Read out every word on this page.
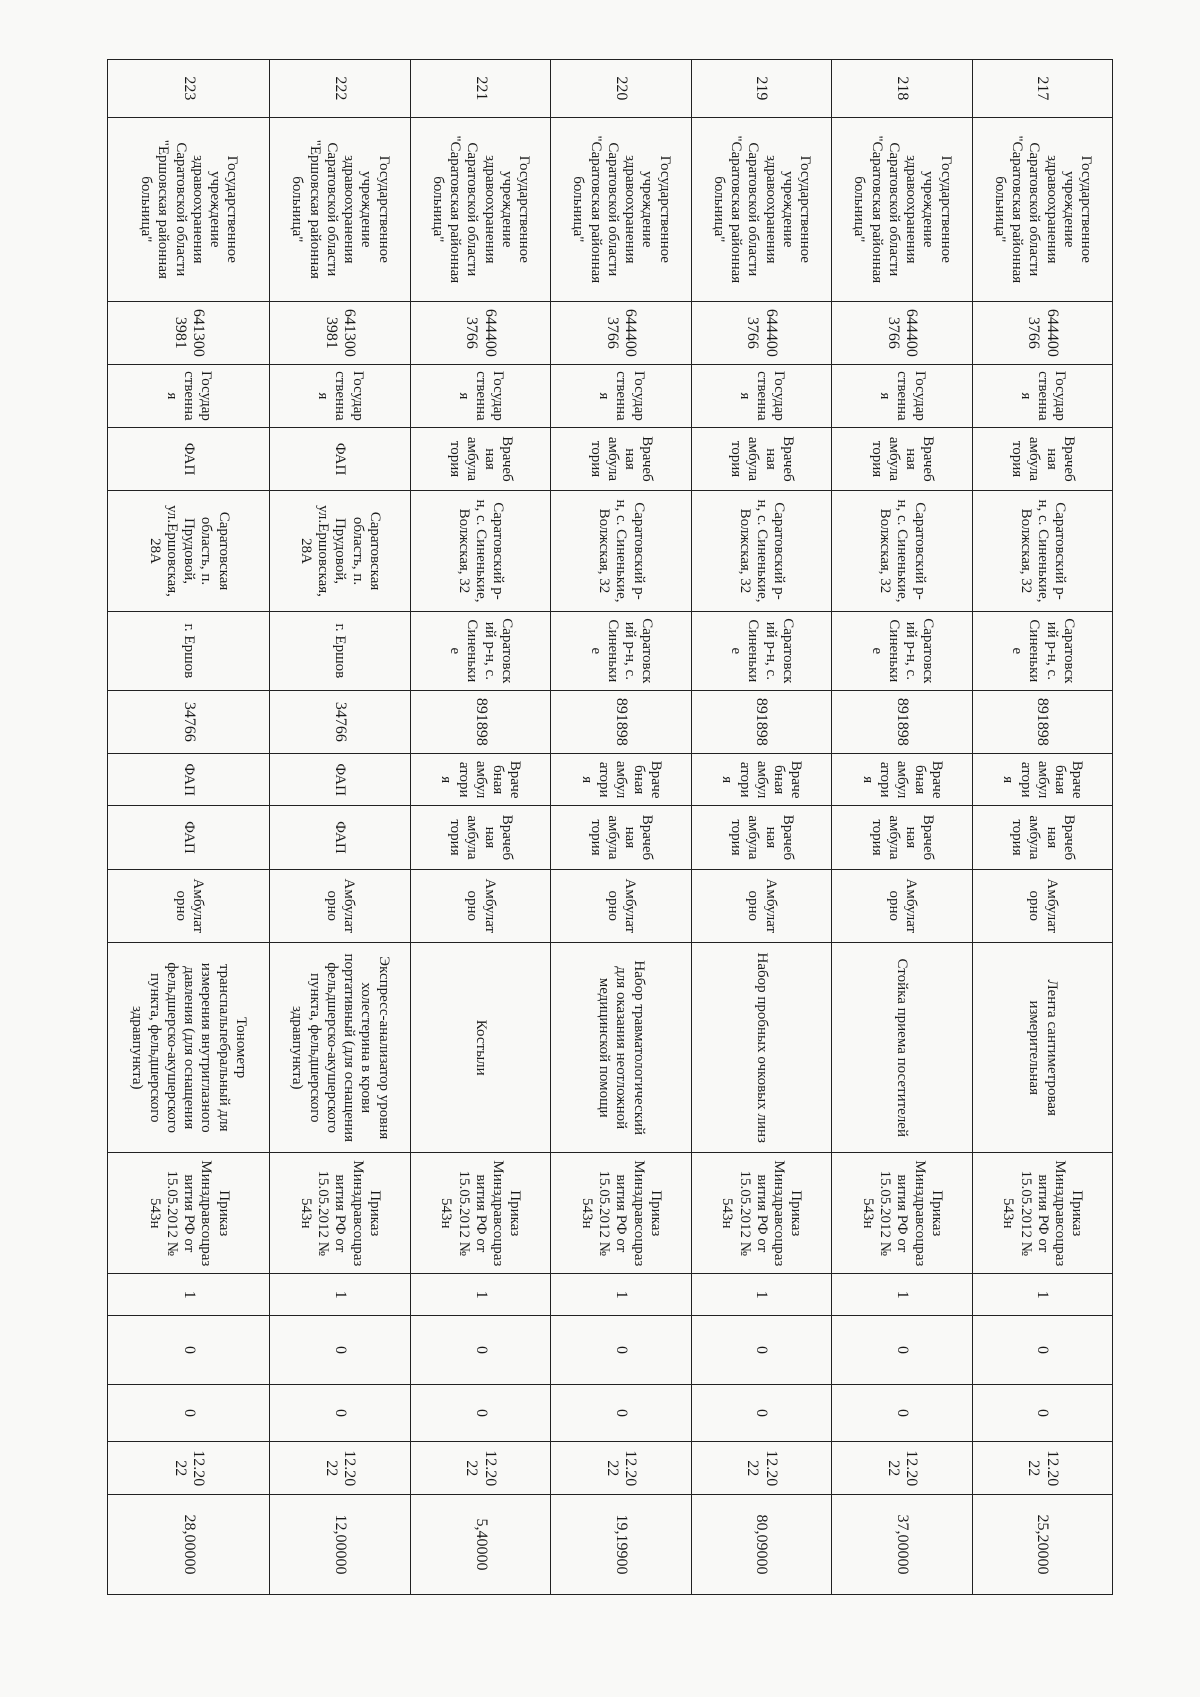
217	Государственное учреждение здравоохранения Саратовской области "Саратовская районная больница"	6444003766	Государственная	Врачебная амбулатория	Саратовский р-н, с. Синенькие, Волжская, 32	Саратовский р-н, с. Синенькие	891898	Врачебная амбулатория	Врачебная амбулатория	Амбулаторно	Лента сантиметровая измерительная	Приказ Минздравсоцразвития РФ от 15.05.2012 № 543н	1	0	0	12.2022	25,20000
218	Государственное учреждение здравоохранения Саратовской области "Саратовская районная больница"	6444003766	Государственная	Врачебная амбулатория	Саратовский р-н, с. Синенькие, Волжская, 32	Саратовский р-н, с. Синенькие	891898	Врачебная амбулатория	Врачебная амбулатория	Амбулаторно	Стойка приема посетителей	Приказ Минздравсоцразвития РФ от 15.05.2012 № 543н	1	0	0	12.2022	37,00000
219	Государственное учреждение здравоохранения Саратовской области "Саратовская районная больница"	6444003766	Государственная	Врачебная амбулатория	Саратовский р-н, с. Синенькие, Волжская, 32	Саратовский р-н, с. Синенькие	891898	Врачебная амбулатория	Врачебная амбулатория	Амбулаторно	Набор пробных очковых линз	Приказ Минздравсоцразвития РФ от 15.05.2012 № 543н	1	0	0	12.2022	80,09000
220	Государственное учреждение здравоохранения Саратовской области "Саратовская районная больница"	6444003766	Государственная	Врачебная амбулатория	Саратовский р-н, с. Синенькие, Волжская, 32	Саратовский р-н, с. Синенькие	891898	Врачебная амбулатория	Врачебная амбулатория	Амбулаторно	Набор травматологический для оказания неотложной медицинской помощи	Приказ Минздравсоцразвития РФ от 15.05.2012 № 543н	1	0	0	12.2022	19,19900
221	Государственное учреждение здравоохранения Саратовской области "Саратовская районная больница"	6444003766	Государственная	Врачебная амбулатория	Саратовский р-н, с. Синенькие, Волжская, 32	Саратовский р-н, с. Синенькие	891898	Врачебная амбулатория	Врачебная амбулатория	Амбулаторно	Костыли	Приказ Минздравсоцразвития РФ от 15.05.2012 № 543н	1	0	0	12.2022	5,40000
222	Государственное учреждение здравоохранения Саратовской области "Ершовская районная больница"	6413003981	Государственная	ФАП	Саратовская область, п. Прудовой, ул.Ершовская, 28А	г. Ершов	34766	ФАП	ФАП	Амбулаторно	Экспресс-анализатор уровня холестерина в крови портативный (для оснащения фельдшерско-акушерского пункта, фельдшерского здравпункта)	Приказ Минздравсоцразвития РФ от 15.05.2012 № 543н	1	0	0	12.2022	12,00000
223	Государственное учреждение здравоохранения Саратовской области "Ершовская районная больница"	6413003981	Государственная	ФАП	Саратовская область, п. Прудовой, ул.Ершовская, 28А	г. Ершов	34766	ФАП	ФАП	Амбулаторно	Тонометр транспальпебральный для измерения внутриглазного давления (для оснащения фельдшерско-акушерского пункта, фельдшерского здравпункта)	Приказ Минздравсоцразвития РФ от 15.05.2012 № 543н	1	0	0	12.2022	28,00000
